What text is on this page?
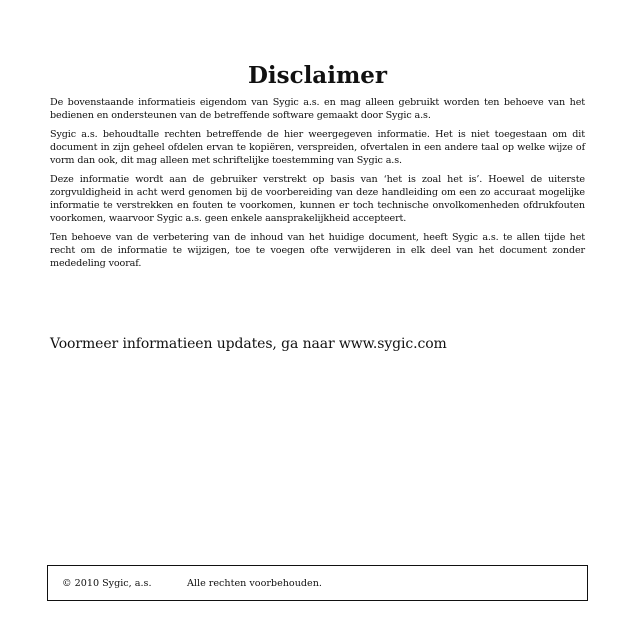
Disclaimer

De bovenstaande informatieis eigendom van Sygic a.s. en mag alleen gebruikt worden ten behoeve van het bedienen en ondersteunen van de betreffende software gemaakt door Sygic a.s.

Sygic a.s. behoudtalle rechten betreffende de hier weergegeven informatie. Het is niet toegestaan om dit document in zijn geheel ofdelen ervan te kopiëren, verspreiden, ofvertalen in een andere taal op welke wijze of vorm dan ook, dit mag alleen met schriftelijke toestemming van Sygic a.s.

Deze informatie wordt aan de gebruiker verstrekt op basis van ‘het is zoal het is’. Hoewel de uiterste zorgvuldigheid in acht werd genomen bij de voorbereiding van deze handleiding om een zo accuraat mogelijke informatie te verstrekken en fouten te voorkomen, kunnen er toch technische onvolkomenheden ofdrukfouten voorkomen, waarvoor Sygic a.s. geen enkele aansprakelijkheid accepteert.

Ten behoeve van de verbetering van de inhoud van het huidige document, heeft Sygic a.s. te allen tijde het recht om de informatie te wijzigen, toe te voegen ofte verwijderen in elk deel van het document zonder mededeling vooraf.

Voormeer informatieen updates, ga naar www.sygic.com

© 2010 Sygic, a.s.	Alle rechten voorbehouden.
